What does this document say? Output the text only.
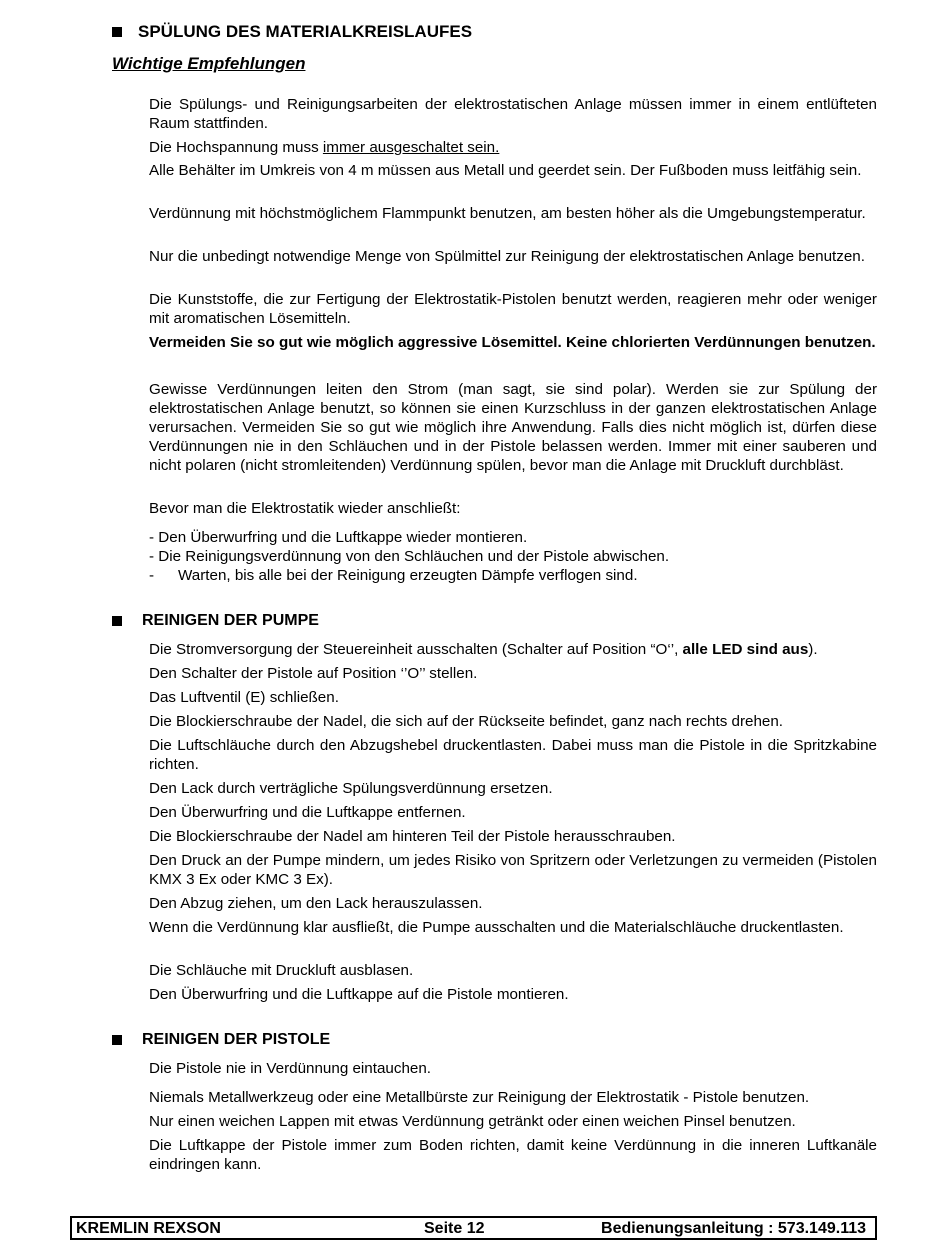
SPÜLUNG DES MATERIALKREISLAUFES
Wichtige Empfehlungen
Die Spülungs- und Reinigungsarbeiten der elektrostatischen Anlage müssen immer in einem entlüfteten Raum stattfinden.
Die Hochspannung muss immer ausgeschaltet sein.
Alle Behälter im Umkreis von 4 m müssen aus Metall und geerdet sein. Der Fußboden muss leitfähig sein.
Verdünnung mit höchstmöglichem Flammpunkt benutzen, am besten höher als die Umgebungstemperatur.
Nur die unbedingt notwendige Menge von Spülmittel zur Reinigung der elektrostatischen Anlage benutzen.
Die Kunststoffe, die zur Fertigung der Elektrostatik-Pistolen benutzt werden, reagieren mehr oder weniger mit aromatischen Lösemitteln.
Vermeiden Sie so gut wie möglich aggressive Lösemittel. Keine chlorierten Verdünnungen benutzen.
Gewisse Verdünnungen leiten den Strom (man sagt, sie sind polar). Werden sie zur Spülung der elektrostatischen Anlage benutzt, so können sie einen Kurzschluss in der ganzen elektrostatischen Anlage verursachen. Vermeiden Sie so gut wie möglich ihre Anwendung. Falls dies nicht möglich ist, dürfen diese Verdünnungen nie in den Schläuchen und in der Pistole belassen werden. Immer mit einer sauberen und nicht polaren (nicht stromleitenden) Verdünnung spülen, bevor man die Anlage mit Druckluft durchbläst.
Bevor man die Elektrostatik wieder anschließt:
- Den Überwurfring und die Luftkappe wieder montieren.
- Die Reinigungsverdünnung von den Schläuchen und der Pistole abwischen.
- Warten, bis alle bei der Reinigung erzeugten Dämpfe verflogen sind.
REINIGEN DER PUMPE
Die Stromversorgung der Steuereinheit ausschalten (Schalter auf Position “O‘’, alle LED sind aus).
Den Schalter der Pistole auf Position ‘’O’’ stellen.
Das Luftventil (E) schließen.
Die Blockierschraube der Nadel, die sich auf der Rückseite befindet, ganz nach rechts drehen.
Die Luftschläuche durch den Abzugshebel druckentlasten. Dabei muss man die Pistole in die Spritzkabine richten.
Den Lack durch verträgliche Spülungsverdünnung ersetzen.
Den Überwurfring und die Luftkappe entfernen.
Die Blockierschraube der Nadel am hinteren Teil der Pistole herausschrauben.
Den Druck an der Pumpe mindern, um jedes Risiko von Spritzern oder Verletzungen zu vermeiden (Pistolen KMX 3 Ex oder KMC 3 Ex).
Den Abzug ziehen, um den Lack herauszulassen.
Wenn die Verdünnung klar ausfließt, die Pumpe ausschalten und die Materialschläuche druckentlasten.
Die Schläuche mit Druckluft ausblasen.
Den Überwurfring und die Luftkappe auf die Pistole montieren.
REINIGEN DER PISTOLE
Die Pistole nie in Verdünnung eintauchen.
Niemals Metallwerkzeug oder eine Metallbürste zur Reinigung der Elektrostatik - Pistole benutzen.
Nur einen weichen Lappen mit etwas Verdünnung getränkt oder einen weichen Pinsel benutzen.
Die Luftkappe der Pistole immer zum Boden richten, damit keine Verdünnung in die inneren Luftkanäle eindringen kann.
KREMLIN REXSON	Seite 12	Bedienungsanleitung : 573.149.113
